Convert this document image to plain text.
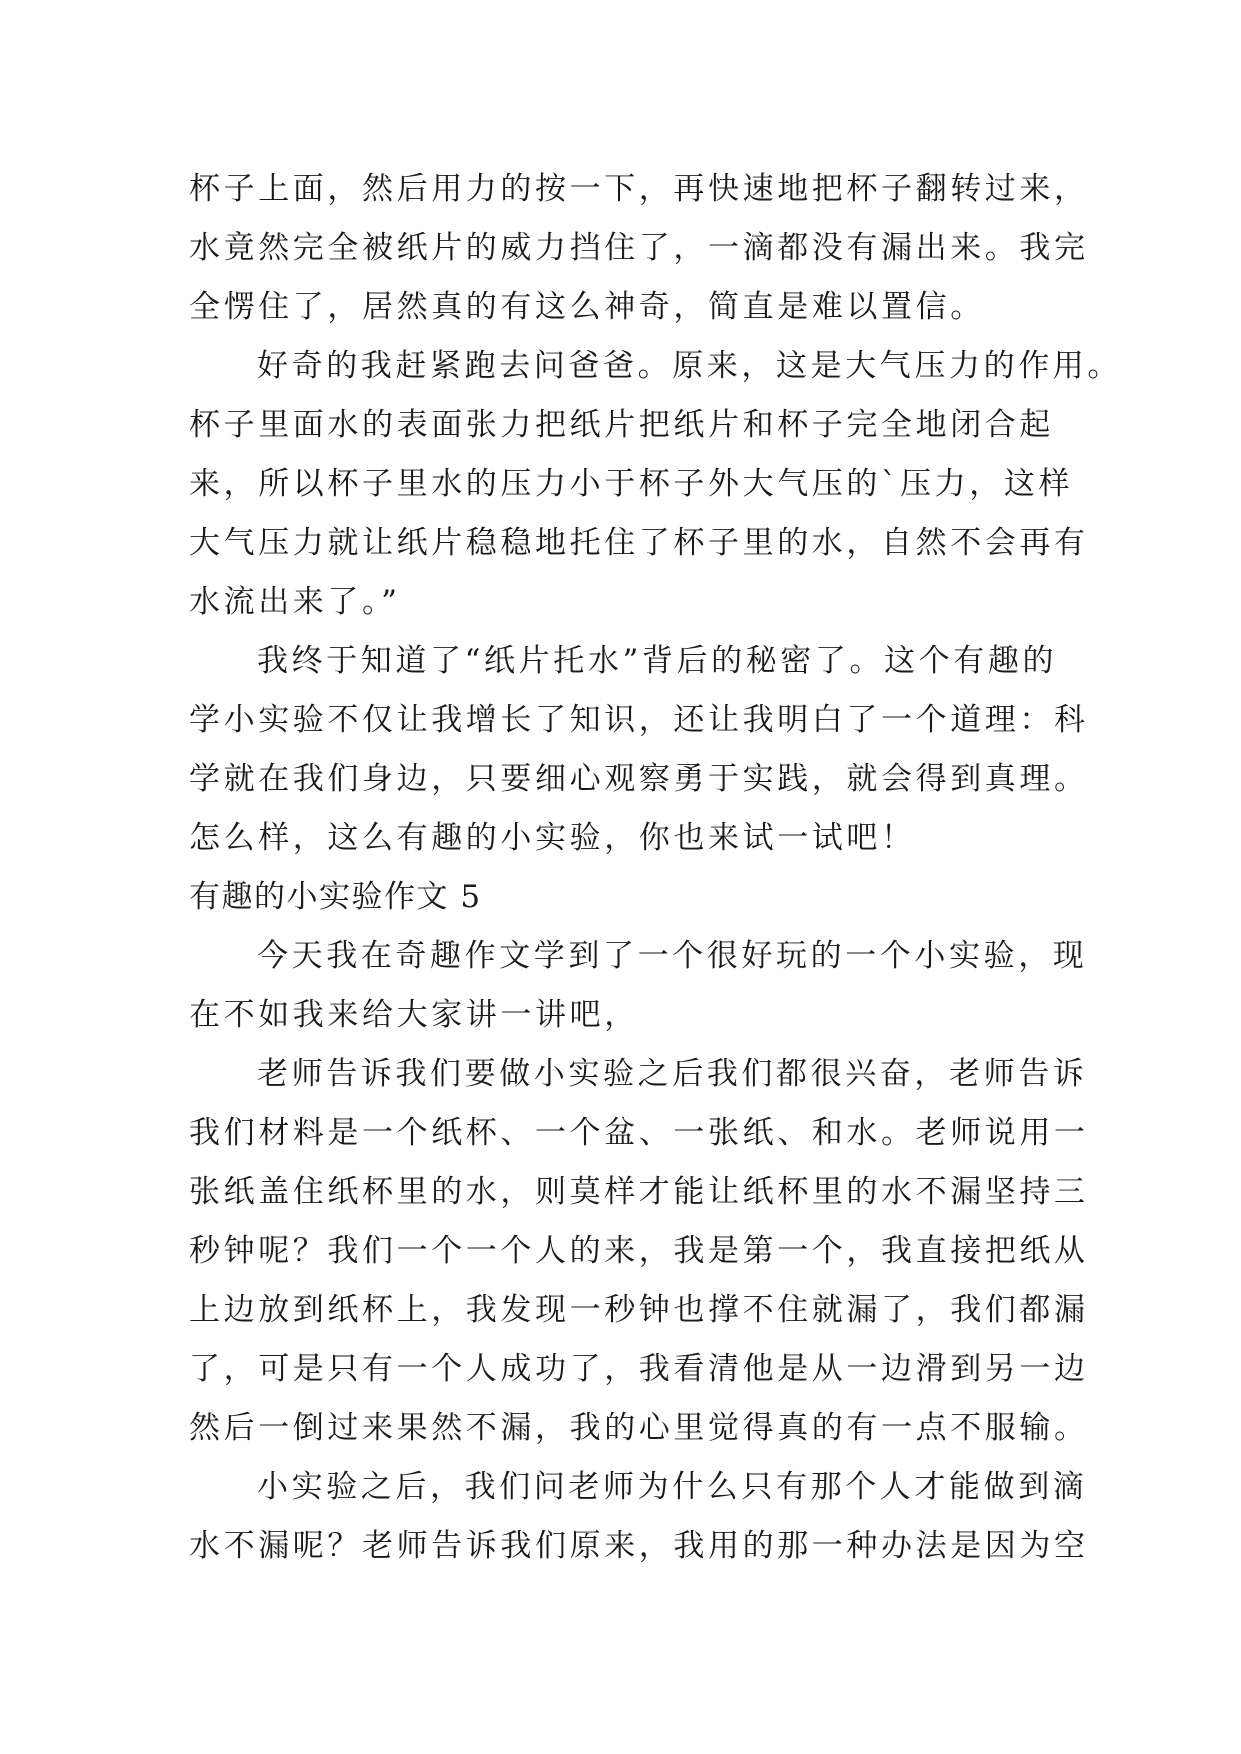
杯子上面，然后用力的按一下，再快速地把杯子翻转过来，
水竟然完全被纸片的威力挡住了，一滴都没有漏出来。我完
全愣住了，居然真的有这么神奇，简直是难以置信。
好奇的我赶紧跑去问爸爸。原来，这是大气压力的作用。
杯子里面水的表面张力把纸片把纸片和杯子完全地闭合起
来，所以杯子里水的压力小于杯子外大气压的`压力，这样
大气压力就让纸片稳稳地托住了杯子里的水，自然不会再有
水流出来了。”
我终于知道了“纸片托水”背后的秘密了。这个有趣的
学小实验不仅让我增长了知识，还让我明白了一个道理：科
学就在我们身边，只要细心观察勇于实践，就会得到真理。
怎么样，这么有趣的小实验，你也来试一试吧！
有趣的小实验作文 5
今天我在奇趣作文学到了一个很好玩的一个小实验，现
在不如我来给大家讲一讲吧，
老师告诉我们要做小实验之后我们都很兴奋，老师告诉
我们材料是一个纸杯、一个盆、一张纸、和水。老师说用一
张纸盖住纸杯里的水，则莫样才能让纸杯里的水不漏坚持三
秒钟呢？我们一个一个人的来，我是第一个，我直接把纸从
上边放到纸杯上，我发现一秒钟也撑不住就漏了，我们都漏
了，可是只有一个人成功了，我看清他是从一边滑到另一边
然后一倒过来果然不漏，我的心里觉得真的有一点不服输。
小实验之后，我们问老师为什么只有那个人才能做到滴
水不漏呢？老师告诉我们原来，我用的那一种办法是因为空
